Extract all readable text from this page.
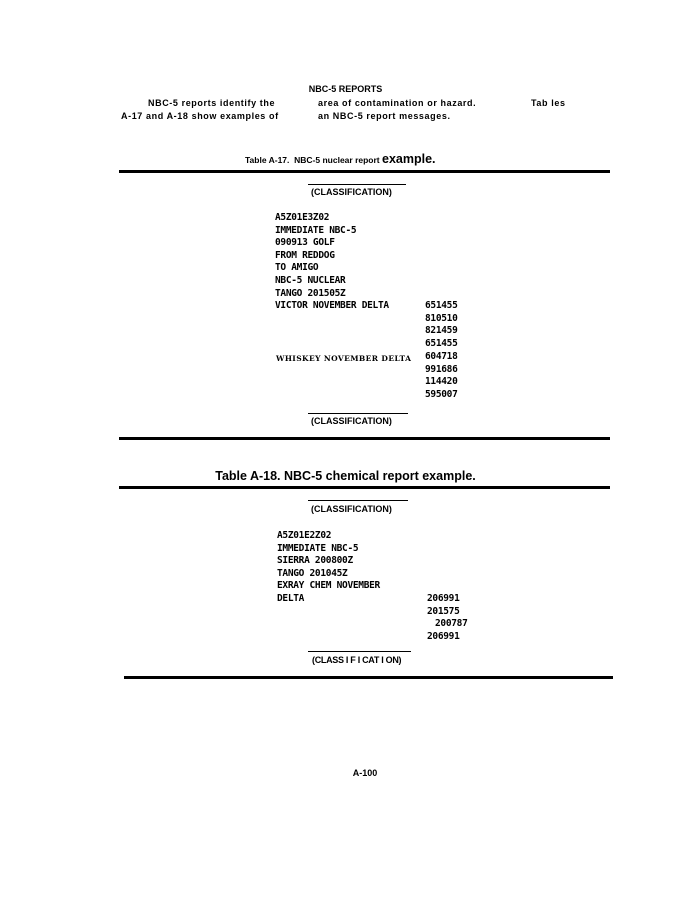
NBC-5 REPORTS
NBC-5 reports identify the	area of contamination or hazard.	Tab les
A-17 and A-18 show examples of	an NBC-5 report messages.
Table A-17. NBC-5 nuclear report example.
(CLASSIFICATION)
A5Z01E3Z02
IMMEDIATE NBC-5
090913 GOLF
FROM REDDOG
TO AMIGO
NBC-5 NUCLEAR
TANGO 201505Z
VICTOR NOVEMBER DELTA	651455
810510
821459
651455
WHISKEY NOVEMBER DELTA 604718
991686
114420
595007
(CLASSIFICATION)
Table A-18. NBC-5 chemical report example.
(CLASSIFICATION)
A5Z01E2Z02
IMMEDIATE NBC-5
SIERRA 200800Z
TANGO 201045Z
EXRAY CHEM NOVEMBER
DELTA	206991
201575
200787
206991
(CLASS I F I CAT I ON)
A-100
